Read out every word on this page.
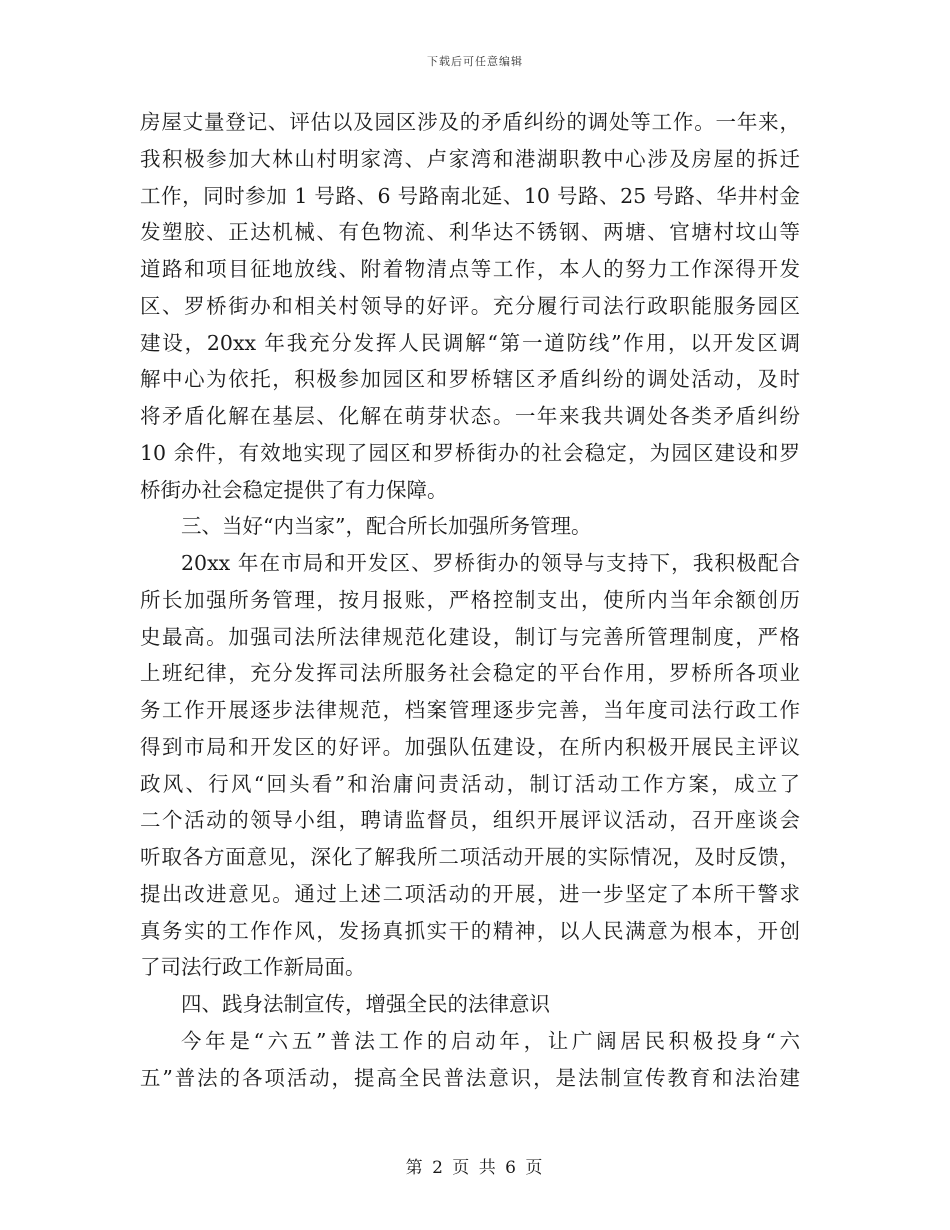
下载后可任意编辑
房屋丈量登记、评估以及园区涉及的矛盾纠纷的调处等工作。一年来，
我积极参加大林山村明家湾、卢家湾和港湖职教中心涉及房屋的拆迁
工作，同时参加 1 号路、6 号路南北延、10 号路、25 号路、华井村金
发塑胶、正达机械、有色物流、利华达不锈钢、两塘、官塘村坟山等
道路和项目征地放线、附着物清点等工作，本人的努力工作深得开发
区、罗桥街办和相关村领导的好评。充分履行司法行政职能服务园区
建设，20xx 年我充分发挥人民调解“第一道防线”作用，以开发区调
解中心为依托，积极参加园区和罗桥辖区矛盾纠纷的调处活动，及时
将矛盾化解在基层、化解在萌芽状态。一年来我共调处各类矛盾纠纷
10 余件，有效地实现了园区和罗桥街办的社会稳定，为园区建设和罗
桥街办社会稳定提供了有力保障。
三、当好“内当家”，配合所长加强所务管理。
20xx 年在市局和开发区、罗桥街办的领导与支持下，我积极配合
所长加强所务管理，按月报账，严格控制支出，使所内当年余额创历
史最高。加强司法所法律规范化建设，制订与完善所管理制度，严格
上班纪律，充分发挥司法所服务社会稳定的平台作用，罗桥所各项业
务工作开展逐步法律规范，档案管理逐步完善，当年度司法行政工作
得到市局和开发区的好评。加强队伍建设，在所内积极开展民主评议
政风、行风“回头看”和治庸问责活动，制订活动工作方案，成立了
二个活动的领导小组，聘请监督员，组织开展评议活动，召开座谈会
听取各方面意见，深化了解我所二项活动开展的实际情况，及时反馈，
提出改进意见。通过上述二项活动的开展，进一步坚定了本所干警求
真务实的工作作风，发扬真抓实干的精神，以人民满意为根本，开创
了司法行政工作新局面。
四、践身法制宣传，增强全民的法律意识
今年是“六五”普法工作的启动年，让广阔居民积极投身“六
五”普法的各项活动，提高全民普法意识，是法制宣传教育和法治建
第 2 页 共 6 页
